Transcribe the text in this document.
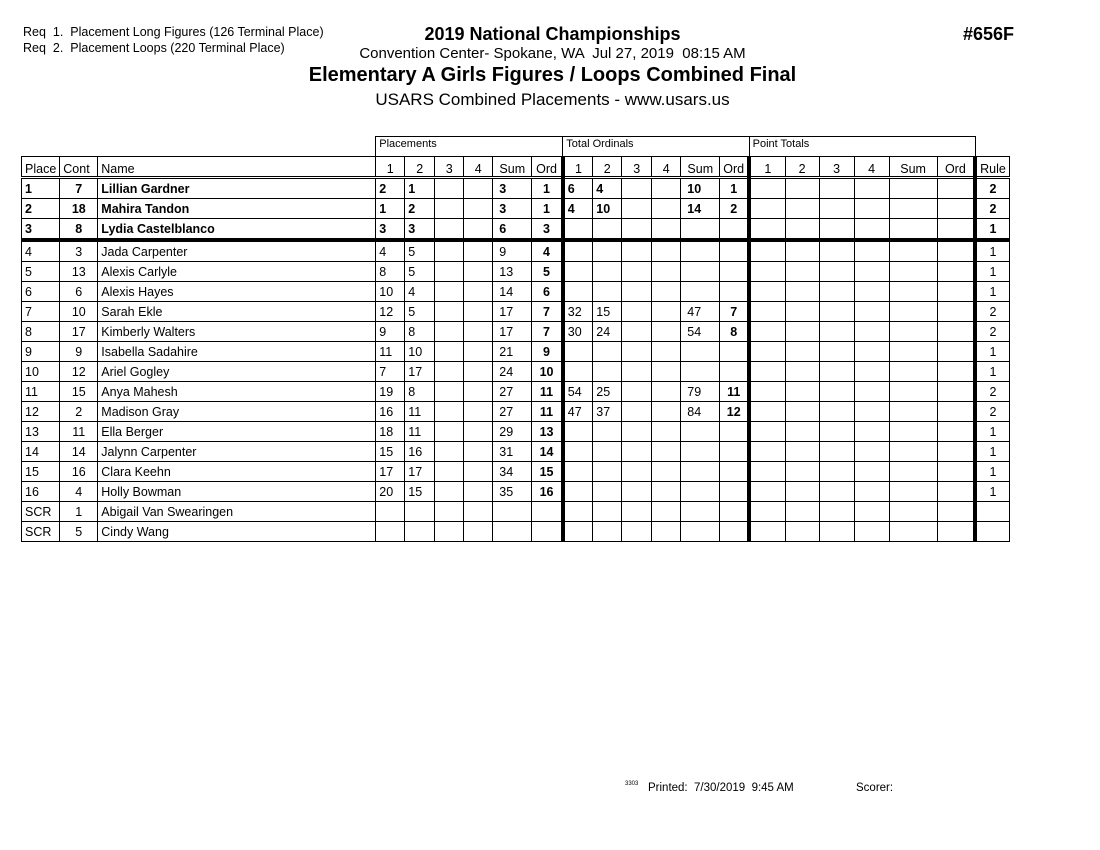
Req  1.  Placement Long Figures (126 Terminal Place)
Req  2.  Placement Loops (220 Terminal Place)
2019 National Championships
Convention Center- Spokane, WA  Jul 27, 2019  08:15 AM
Elementary A Girls Figures / Loops Combined Final
USARS Combined Placements - www.usars.us
#656F
			Placements						Total Ordinals						Point Totals						
Place	Cont	Name	1	2	3	4	Sum	Ord	1	2	3	4	Sum	Ord	1	2	3	4	Sum	Ord	Rule
1	7	Lillian Gardner	2	1			3	1	6	4			10	1							2
2	18	Mahira Tandon	1	2			3	1	4	10			14	2							2
3	8	Lydia Castelblanco	3	3			6	3													1
4	3	Jada Carpenter	4	5			9	4													1
5	13	Alexis Carlyle	8	5			13	5													1
6	6	Alexis Hayes	10	4			14	6													1
7	10	Sarah Ekle	12	5			17	7	32	15			47	7							2
8	17	Kimberly Walters	9	8			17	7	30	24			54	8							2
9	9	Isabella Sadahire	11	10			21	9													1
10	12	Ariel Gogley	7	17			24	10													1
11	15	Anya Mahesh	19	8			27	11	54	25			79	11							2
12	2	Madison Gray	16	11			27	11	47	37			84	12							2
13	11	Ella Berger	18	11			29	13													1
14	14	Jalynn Carpenter	15	16			31	14													1
15	16	Clara Keehn	17	17			34	15													1
16	4	Holly Bowman	20	15			35	16													1
SCR	1	Abigail Van Swearingen																			
SCR	5	Cindy Wang																			
3303 Printed:  7/30/2019  9:45 AM	Scorer:
